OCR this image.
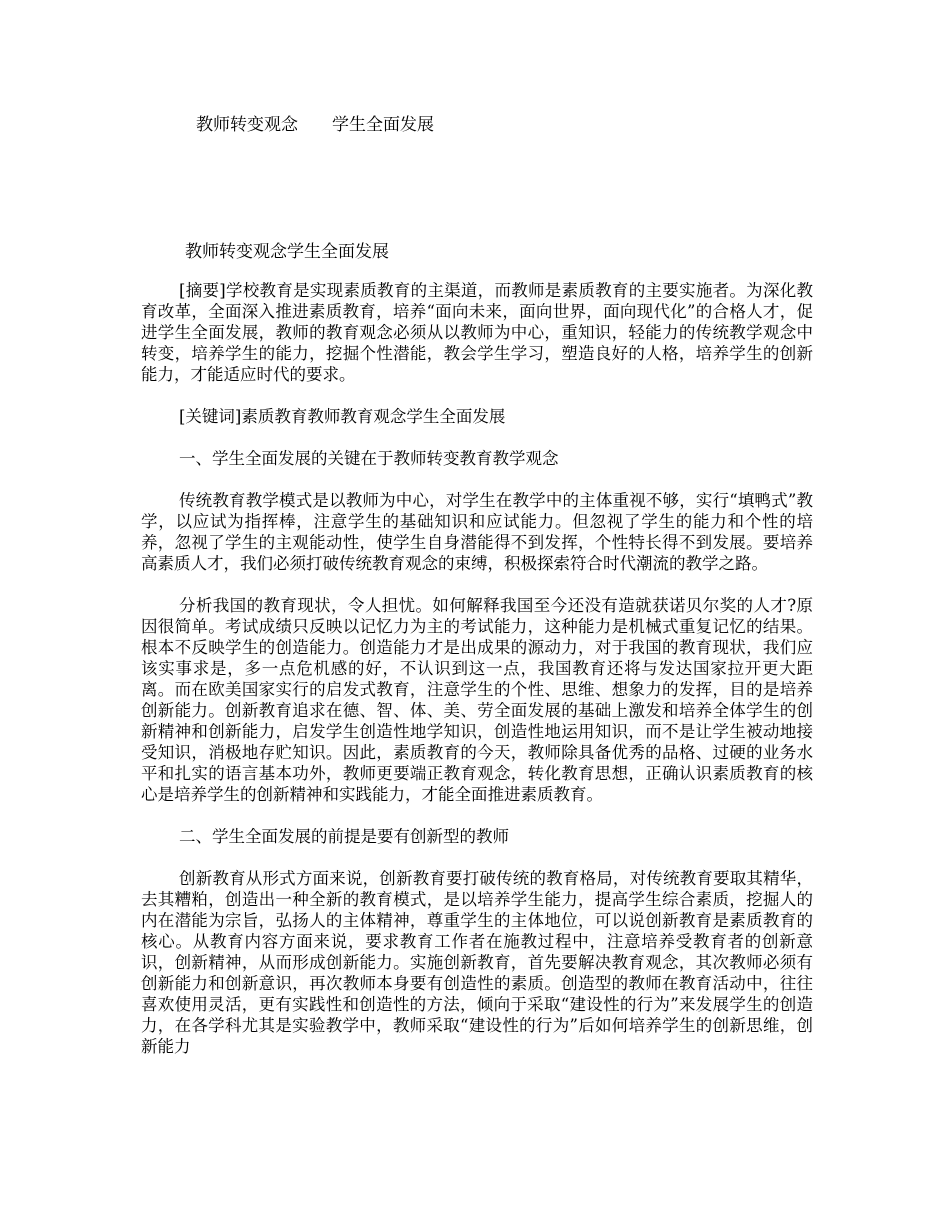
教师转变观念　　学生全面发展
教师转变观念学生全面发展

[摘要]学校教育是实现素质教育的主渠道，而教师是素质教育的主要实施者。为深化教育改革，全面深入推进素质教育，培养“面向未来，面向世界，面向现代化”的合格人才，促进学生全面发展，教师的教育观念必须从以教师为中心，重知识，轻能力的传统教学观念中转变，培养学生的能力，挖掘个性潜能，教会学生学习，塑造良好的人格，培养学生的创新能力，才能适应时代的要求。

[关键词]素质教育教师教育观念学生全面发展

一、学生全面发展的关键在于教师转变教育教学观念

传统教育教学模式是以教师为中心，对学生在教学中的主体重视不够，实行“填鸭式”教学，以应试为指挥棒，注意学生的基础知识和应试能力。但忽视了学生的能力和个性的培养，忽视了学生的主观能动性，使学生自身潜能得不到发挥，个性特长得不到发展。要培养高素质人才，我们必须打破传统教育观念的束缚，积极探索符合时代潮流的教学之路。

分析我国的教育现状，令人担忧。如何解释我国至今还没有造就获诺贝尔奖的人才?原因很简单。考试成绩只反映以记忆力为主的考试能力，这种能力是机械式重复记忆的结果。根本不反映学生的创造能力。创造能力才是出成果的源动力，对于我国的教育现状，我们应该实事求是，多一点危机感的好，不认识到这一点，我国教育还将与发达国家拉开更大距离。而在欧美国家实行的启发式教育，注意学生的个性、思维、想象力的发挥，目的是培养创新能力。创新教育追求在德、智、体、美、劳全面发展的基础上激发和培养全体学生的创新精神和创新能力，启发学生创造性地学知识，创造性地运用知识，而不是让学生被动地接受知识，消极地存贮知识。因此，素质教育的今天，教师除具备优秀的品格、过硬的业务水平和扎实的语言基本功外，教师更要端正教育观念，转化教育思想，正确认识素质教育的核心是培养学生的创新精神和实践能力，才能全面推进素质教育。

二、学生全面发展的前提是要有创新型的教师

创新教育从形式方面来说，创新教育要打破传统的教育格局，对传统教育要取其精华，去其糟粕，创造出一种全新的教育模式，是以培养学生能力，提高学生综合素质，挖掘人的内在潜能为宗旨，弘扬人的主体精神，尊重学生的主体地位，可以说创新教育是素质教育的核心。从教育内容方面来说，要求教育工作者在施教过程中，注意培养受教育者的创新意识，创新精神，从而形成创新能力。实施创新教育，首先要解决教育观念，其次教师必须有创新能力和创新意识，再次教师本身要有创造性的素质。创造型的教师在教育活动中，往往喜欢使用灵活，更有实践性和创造性的方法，倾向于采取“建设性的行为”来发展学生的创造力，在各学科尤其是实验教学中，教师采取“建设性的行为”后如何培养学生的创新思维，创新能力
